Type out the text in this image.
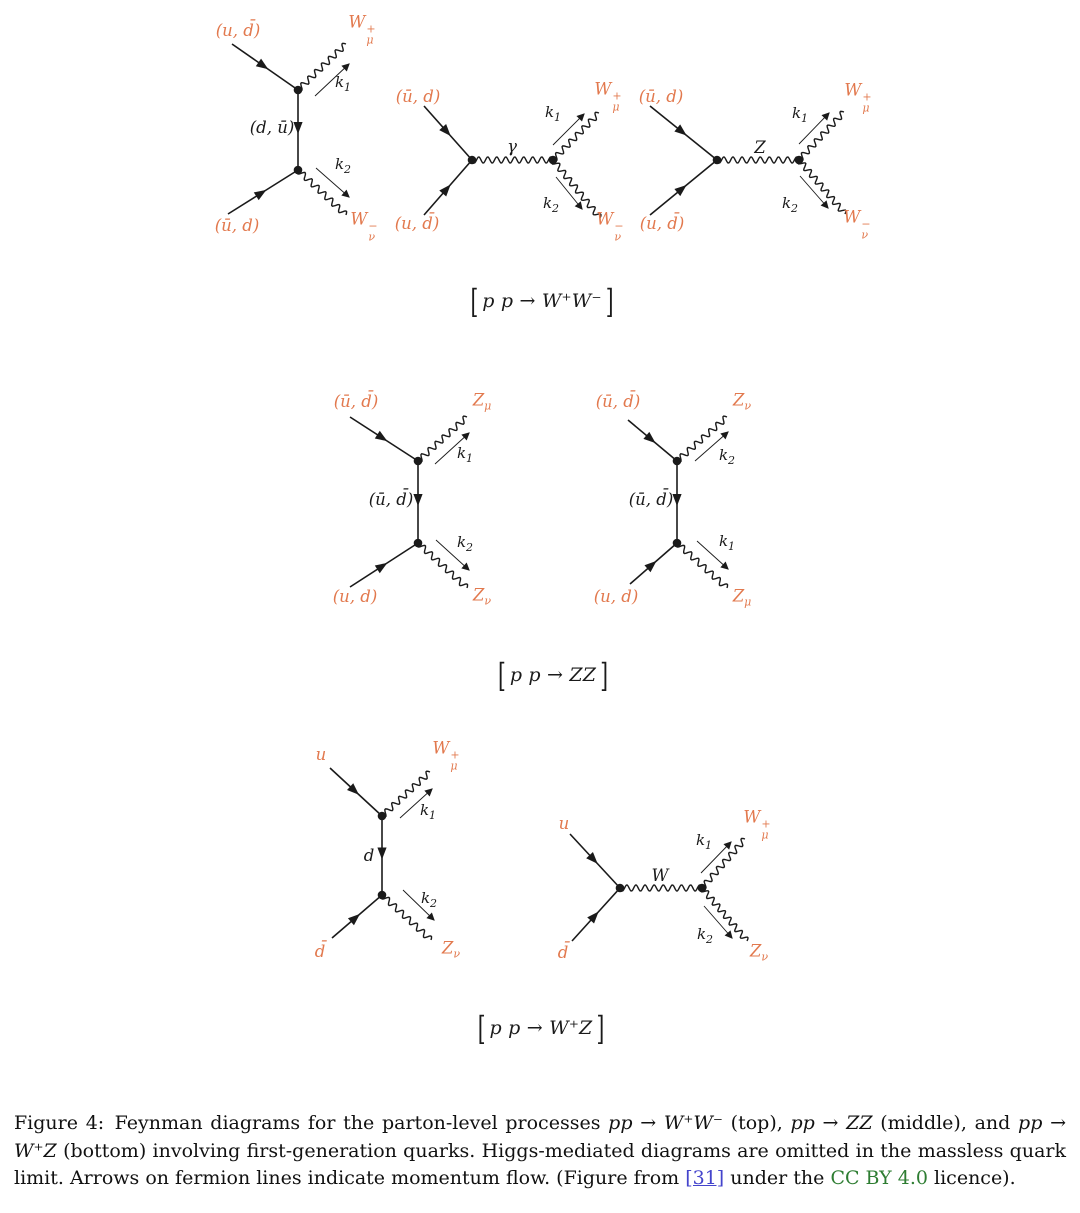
(u, d̄)	W +
μ
$k_1$
(d, ū)
$k_2$
(ū, d)	W −
ν
(ū, d)
γ
$k_1$
W +
μ
$k_2$
W −
ν
(u, d̄)
(ū, d)
Z
$k_1$
W +
μ
$k_2$	W −
ν
(u, d̄)
[ p p → W⁺W⁻ ]
(ū, d̄)	$Z_\mu$
$k_1$
(ū, d̄)
$k_2$
(u, d)	$Z_\nu$
(ū, d̄)	$Z_\nu$
$k_2$
(ū, d̄)
$k_1$
(u, d)	$Z_\mu$
[ p p → ZZ ]
u	W +
μ
$k_1$
d
$k_2$
d̄	$Z_\nu$
u
W
$k_1$
W +
μ
$k_2$
$Z_\nu$
d̄
[ p p → W⁺Z ]

Figure 4: Feynman diagrams for the parton-level processes pp → W⁺W⁻ (top), pp → ZZ (middle), and pp → W⁺Z (bottom) involving first-generation quarks. Higgs-mediated diagrams are omitted in the massless quark limit. Arrows on fermion lines indicate momentum flow. (Figure from [31] under the CC BY 4.0 licence).
